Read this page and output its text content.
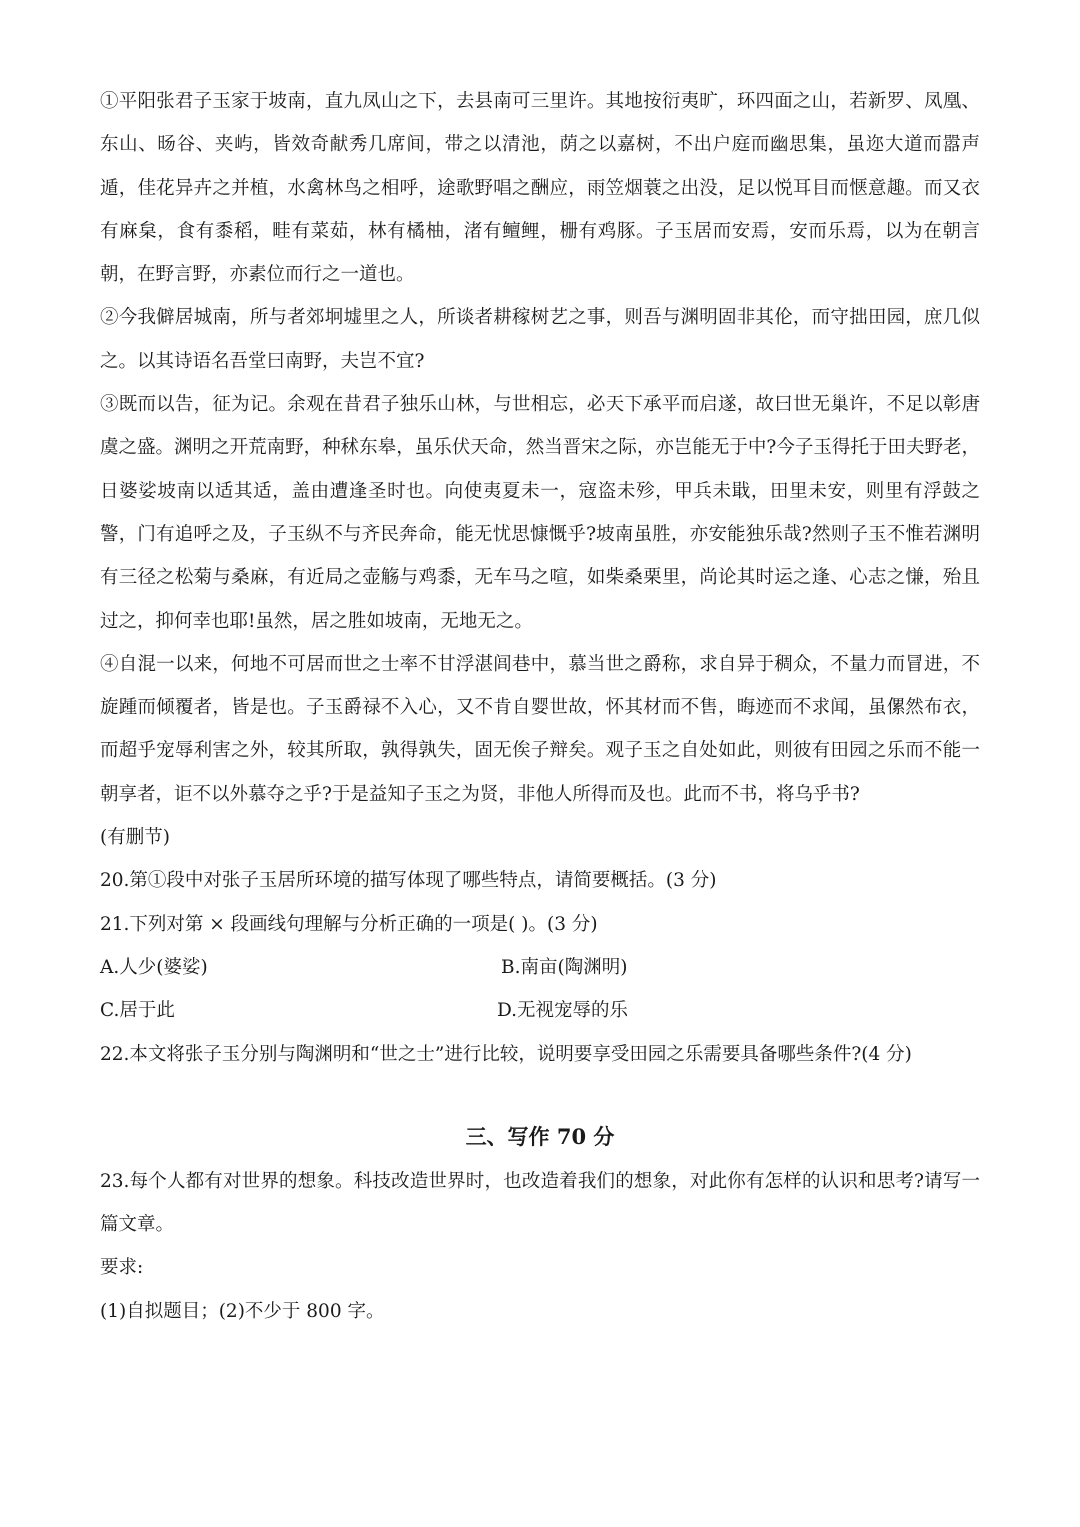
①平阳张君子玉家于坡南，直九凤山之下，去县南可三里许。其地按衍夷旷，环四面之山，若新罗、凤凰、东山、旸谷、夹屿，皆效奇献秀几席间，带之以清池，荫之以嘉树，不出户庭而幽思集，虽迩大道而嚣声遁，佳花异卉之并植，水禽林鸟之相呼，途歌野唱之酬应，雨笠烟蓑之出没，足以悦耳目而惬意趣。而又衣有麻枲，食有黍稻，畦有菜茹，林有橘柚，渚有鳣鲤，栅有鸡豚。子玉居而安焉，安而乐焉，以为在朝言朝，在野言野，亦素位而行之一道也。

②今我僻居城南，所与者郊坰墟里之人，所谈者耕稼树艺之事，则吾与渊明固非其伦，而守拙田园，庶几似之。以其诗语名吾堂曰南野，夫岂不宜?

③既而以告，征为记。余观在昔君子独乐山林，与世相忘，必天下承平而启遂，故曰世无巢许，不足以彰唐虞之盛。渊明之开荒南野，种秫东皋，虽乐伏天命，然当晋宋之际，亦岂能无于中?今子玉得托于田夫野老，日婆娑坡南以适其适，盖由遭逢圣时也。向使夷夏未一，寇盗未殄，甲兵未戢，田里未安，则里有浮鼓之警，门有追呼之及，子玉纵不与齐民奔命，能无忧思慷慨乎?坡南虽胜，亦安能独乐哉?然则子玉不惟若渊明有三径之松菊与桑麻，有近局之壶觞与鸡黍，无车马之喧，如柴桑栗里，尚论其时运之逢、心志之慊，殆且过之，抑何幸也耶!虽然，居之胜如坡南，无地无之。

④自混一以来，何地不可居而世之士率不甘浮湛闾巷中，慕当世之爵称，求自异于稠众，不量力而冒进，不旋踵而倾覆者，皆是也。子玉爵禄不入心，又不肯自婴世故，怀其材而不售，晦迹而不求闻，虽傫然布衣，而超乎宠辱利害之外，较其所取，孰得孰失，固无俟子辩矣。观子玉之自处如此，则彼有田园之乐而不能一朝享者，讵不以外慕夺之乎?于是益知子玉之为贤，非他人所得而及也。此而不书，将乌乎书?

(有删节)

20.第①段中对张子玉居所环境的描写体现了哪些特点，请简要概括。(3 分)

21.下列对第 × 段画线句理解与分析正确的一项是( )。(3 分)

A.人少(婆娑)	B.南亩(陶渊明)
C.居于此	D.无视宠辱的乐

22.本文将张子玉分别与陶渊明和“世之士”进行比较，说明要享受田园之乐需要具备哪些条件?(4 分)

三、写作 70 分

23.每个人都有对世界的想象。科技改造世界时，也改造着我们的想象，对此你有怎样的认识和思考?请写一篇文章。

要求:

(1)自拟题目；(2)不少于 800 字。
